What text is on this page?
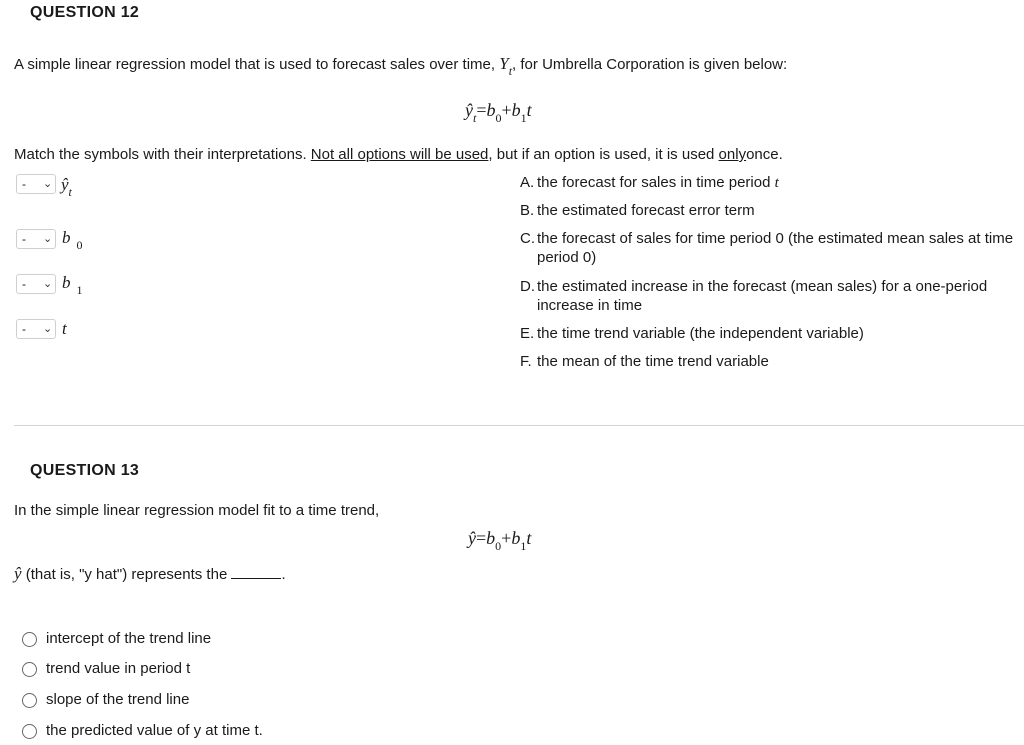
QUESTION 12
A simple linear regression model that is used to forecast sales over time, $Y_t$, for Umbrella Corporation is given below:
$ŷ_t=b_0+b_1t$
Match the symbols with their interpretations. Not all options will be used, but if an option is used, it is used onlyonce.
- ⌄ $ŷ_t$
- ⌄ b $_0$
- ⌄ b $_1$
- ⌄ t
A. the forecast for sales in time period t
B. the estimated forecast error term
C. the forecast of sales for time period 0 (the estimated mean sales at time period 0)
D. the estimated increase in the forecast (mean sales) for a one-period increase in time
E. the time trend variable (the independent variable)
F. the mean of the time trend variable
QUESTION 13
In the simple linear regression model fit to a time trend,
$ŷ=b_0+b_1t$
ŷ (that is, "y hat") represents the	.
intercept of the trend line
trend value in period t
slope of the trend line
the predicted value of y at time t.
